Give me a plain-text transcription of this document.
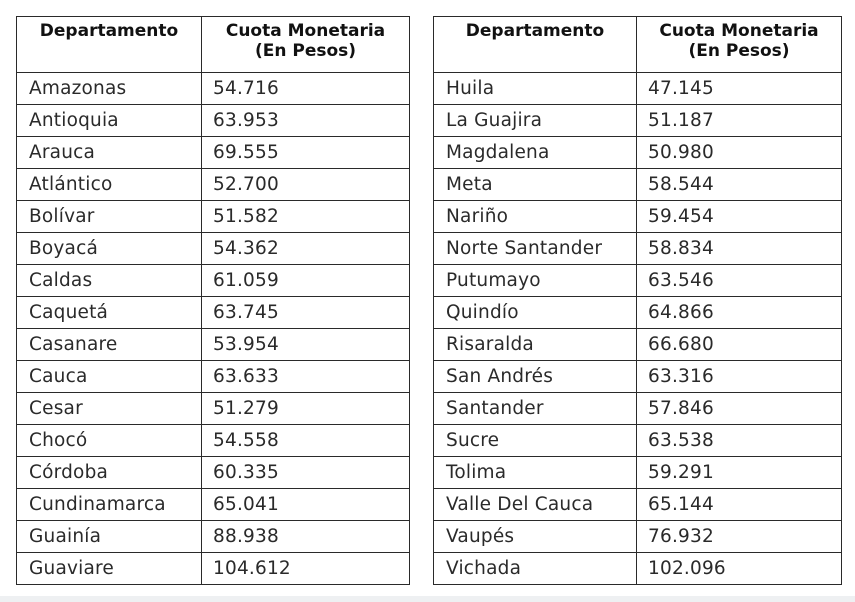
Departamento	Cuota Monetaria
(En Pesos)
Amazonas	54.716
Antioquia	63.953
Arauca	69.555
Atlántico	52.700
Bolívar	51.582
Boyacá	54.362
Caldas	61.059
Caquetá	63.745
Casanare	53.954
Cauca	63.633
Cesar	51.279
Chocó	54.558
Córdoba	60.335
Cundinamarca	65.041
Guainía	88.938
Guaviare	104.612
Departamento	Cuota Monetaria
(En Pesos)
Huila	47.145
La Guajira	51.187
Magdalena	50.980
Meta	58.544
Nariño	59.454
Norte Santander	58.834
Putumayo	63.546
Quindío	64.866
Risaralda	66.680
San Andrés	63.316
Santander	57.846
Sucre	63.538
Tolima	59.291
Valle Del Cauca	65.144
Vaupés	76.932
Vichada	102.096
